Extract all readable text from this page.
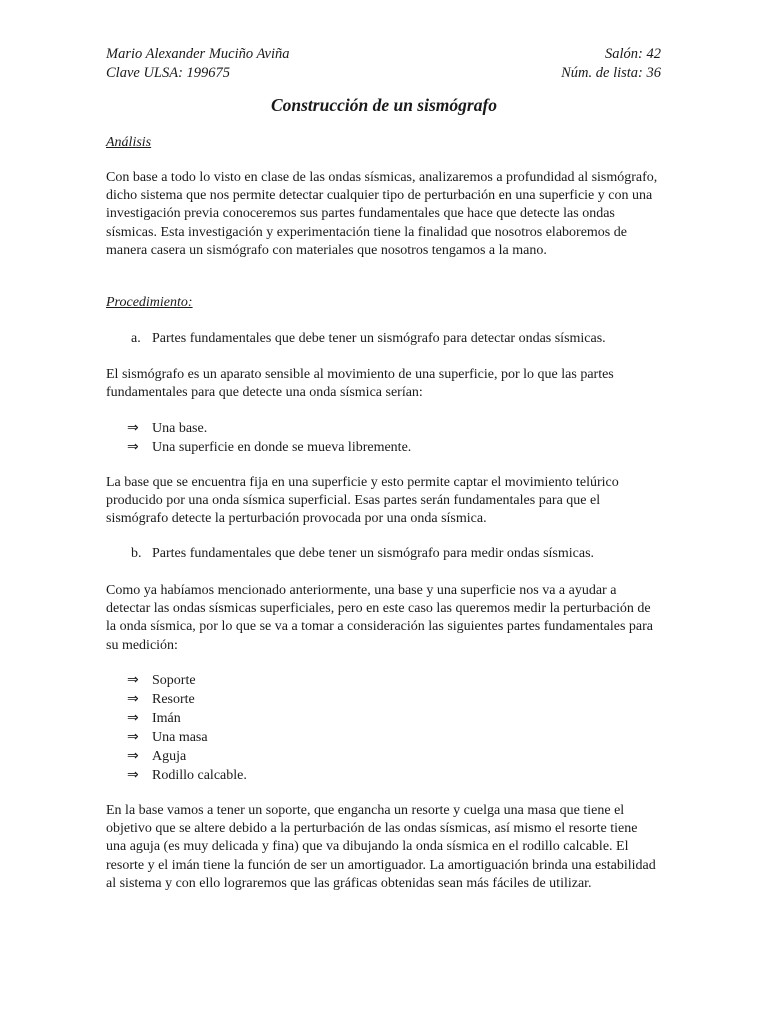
Mario Alexander Muciño Aviña	Salón: 42
Clave ULSA: 199675	Núm. de lista: 36
Construcción de un sismógrafo
Análisis

Con base a todo lo visto en clase de las ondas sísmicas, analizaremos a profundidad al sismógrafo, dicho sistema que nos permite detectar cualquier tipo de perturbación en una superficie y con una investigación previa conoceremos sus partes fundamentales que hace que detecte las ondas sísmicas. Esta investigación y experimentación tiene la finalidad que nosotros elaboremos de manera casera un sismógrafo con materiales que nosotros tengamos a la mano.

Procedimiento:
a. Partes fundamentales que debe tener un sismógrafo para detectar ondas sísmicas.

El sismógrafo es un aparato sensible al movimiento de una superficie, por lo que las partes fundamentales para que detecte una onda sísmica serían:

⇒ Una base.
⇒ Una superficie en donde se mueva libremente.

La base que se encuentra fija en una superficie y esto permite captar el movimiento telúrico producido por una onda sísmica superficial. Esas partes serán fundamentales para que el sismógrafo detecte la perturbación provocada por una onda sísmica.

b. Partes fundamentales que debe tener un sismógrafo para medir ondas sísmicas.

Como ya habíamos mencionado anteriormente, una base y una superficie nos va a ayudar a detectar las ondas sísmicas superficiales, pero en este caso las queremos medir la perturbación de la onda sísmica, por lo que se va a tomar a consideración las siguientes partes fundamentales para su medición:

⇒ Soporte
⇒ Resorte
⇒ Imán
⇒ Una masa
⇒ Aguja
⇒ Rodillo calcable.

En la base vamos a tener un soporte, que engancha un resorte y cuelga una masa que tiene el objetivo que se altere debido a la perturbación de las ondas sísmicas, así mismo el resorte tiene una aguja (es muy delicada y fina) que va dibujando la onda sísmica en el rodillo calcable. El resorte y el imán tiene la función de ser un amortiguador. La amortiguación brinda una estabilidad al sistema y con ello lograremos que las gráficas obtenidas sean más fáciles de utilizar.
